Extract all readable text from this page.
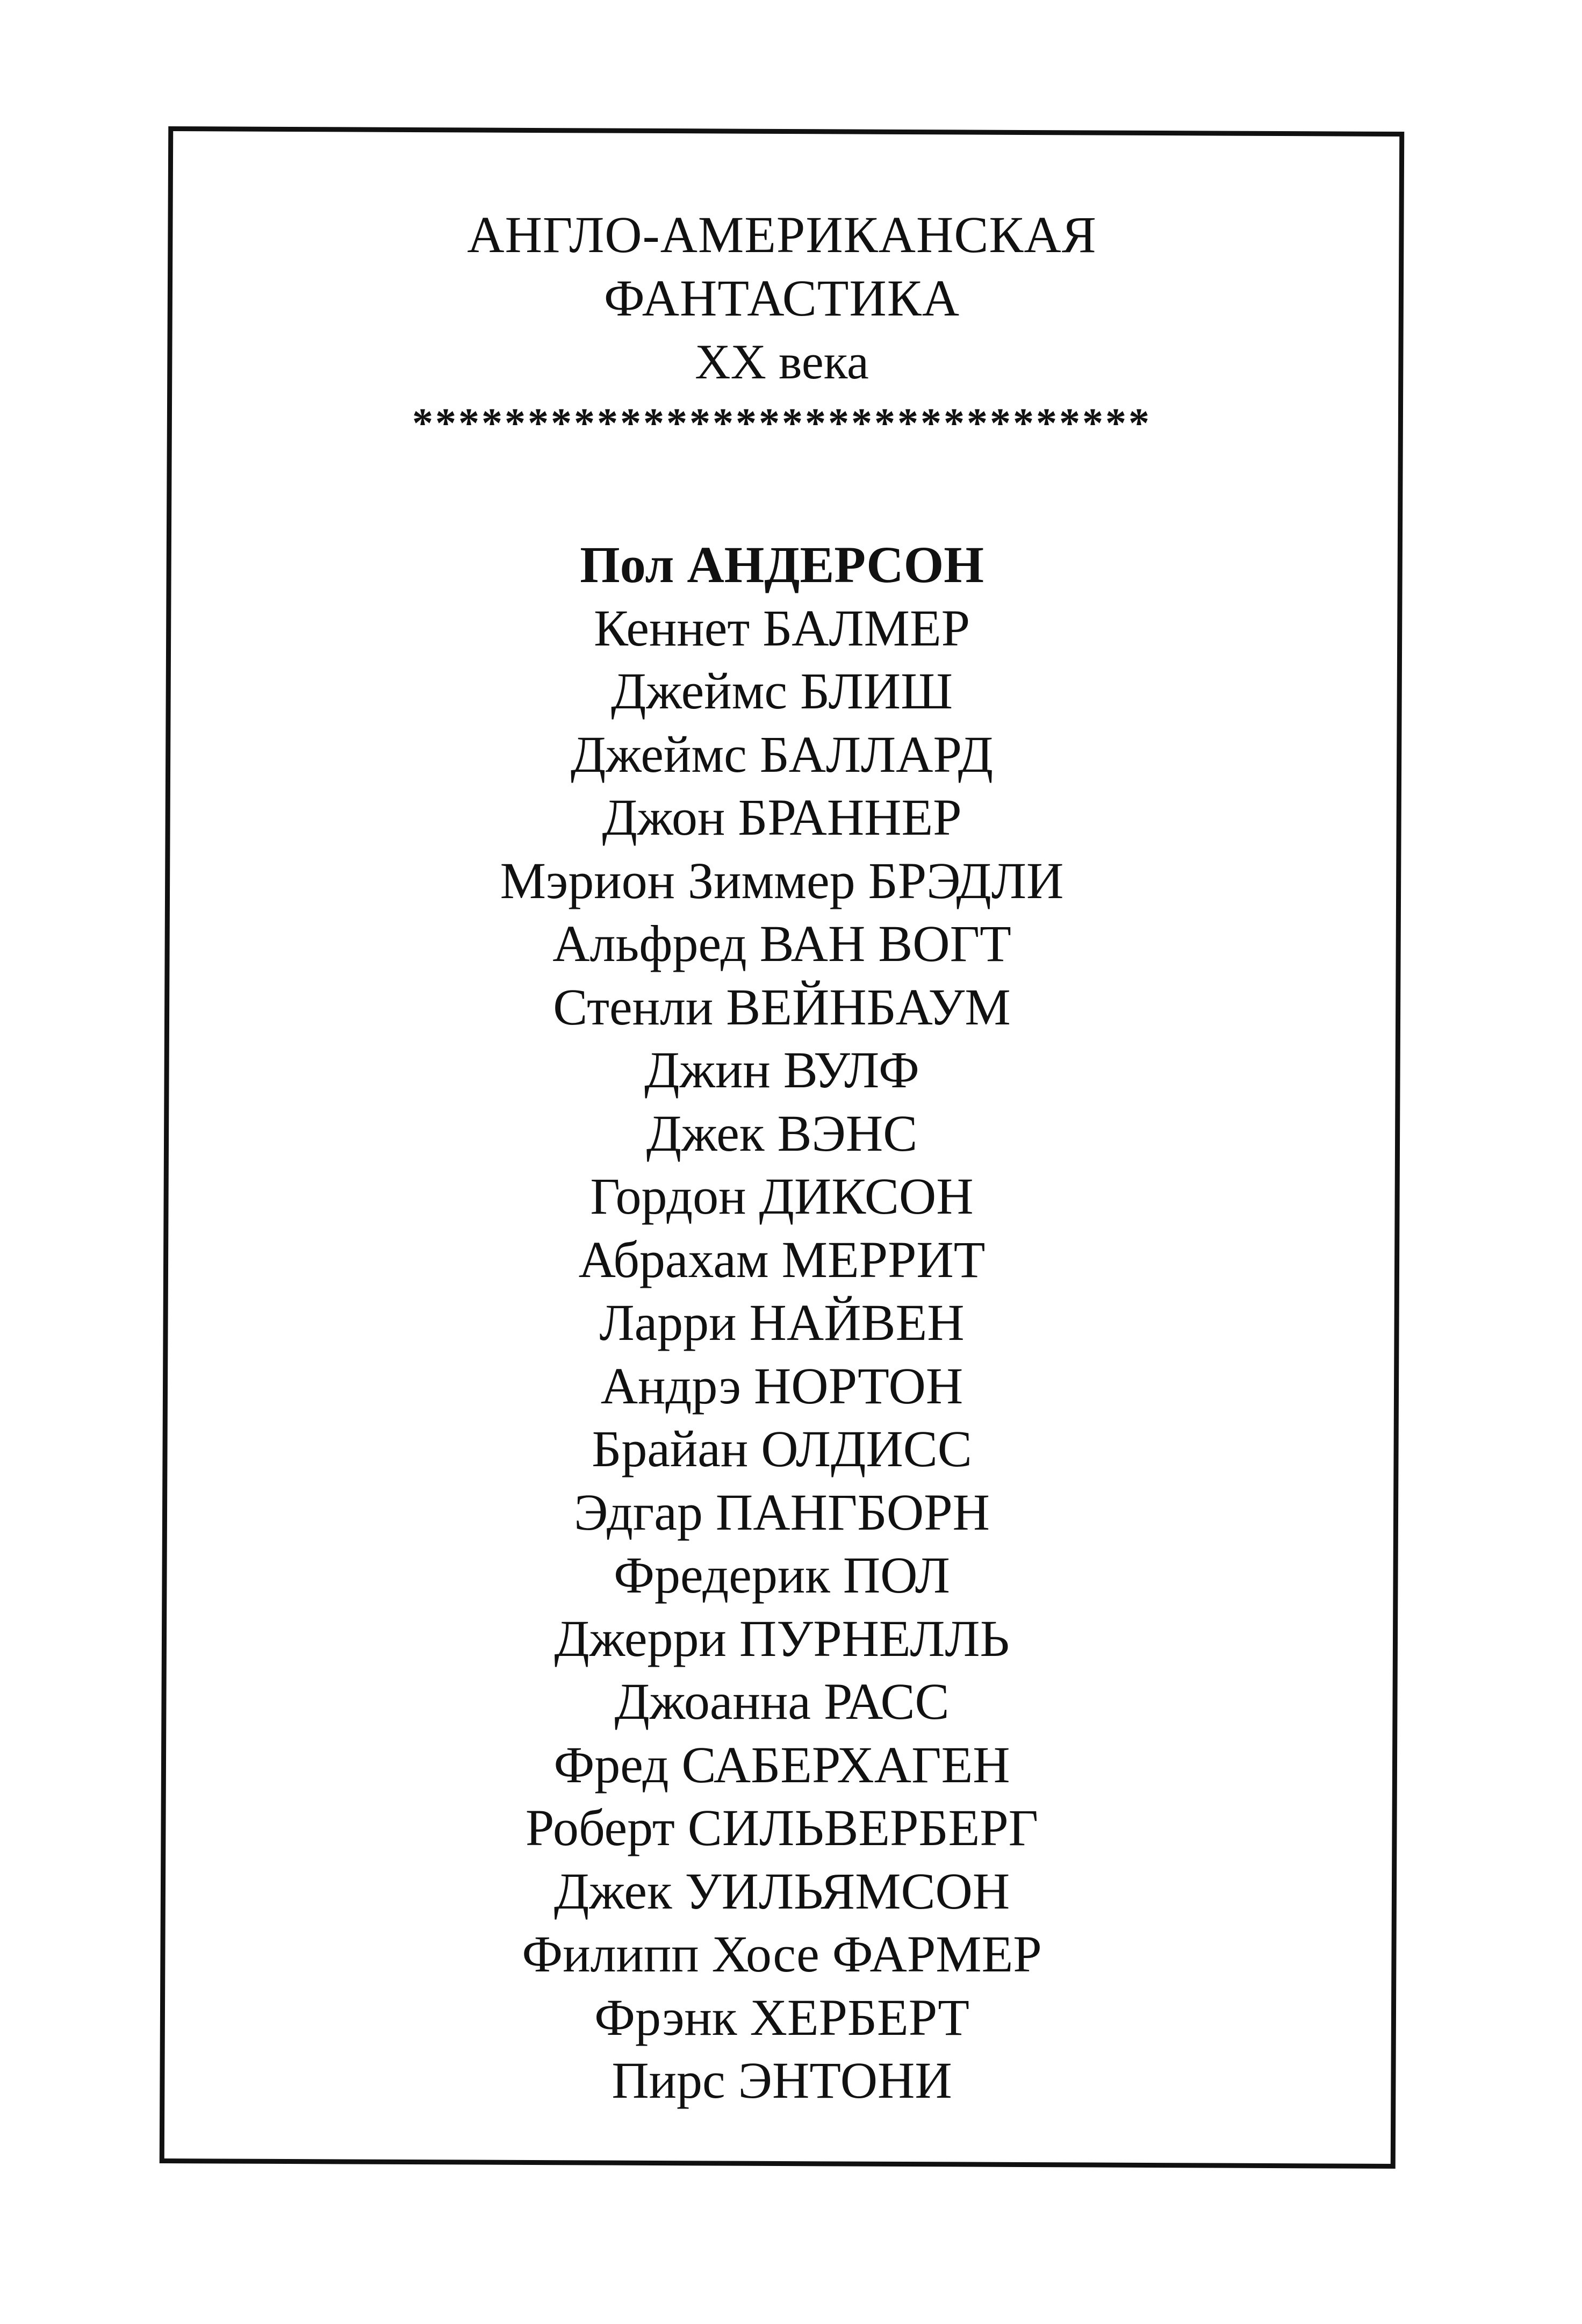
АНГЛО-АМЕРИКАНСКАЯ
ФАНТАСТИКА
XX века
********************************
Пол АНДЕРСОН
Кеннет БАЛМЕР
Джеймс БЛИШ
Джеймс БАЛЛАРД
Джон БРАННЕР
Мэрион Зиммер БРЭДЛИ
Альфред ВАН ВОГТ
Стенли ВЕЙНБАУМ
Джин ВУЛФ
Джек ВЭНС
Гордон ДИКСОН
Абрахам МЕРРИТ
Ларри НАЙВЕН
Андрэ НОРТОН
Брайан ОЛДИСС
Эдгар ПАНГБОРН
Фредерик ПОЛ
Джерри ПУРНЕЛЛЬ
Джоанна РАСС
Фред САБЕРХАГЕН
Роберт СИЛЬВЕРБЕРГ
Джек УИЛЬЯМСОН
Филипп Хосе ФАРМЕР
Фрэнк ХЕРБЕРТ
Пирс ЭНТОНИ
